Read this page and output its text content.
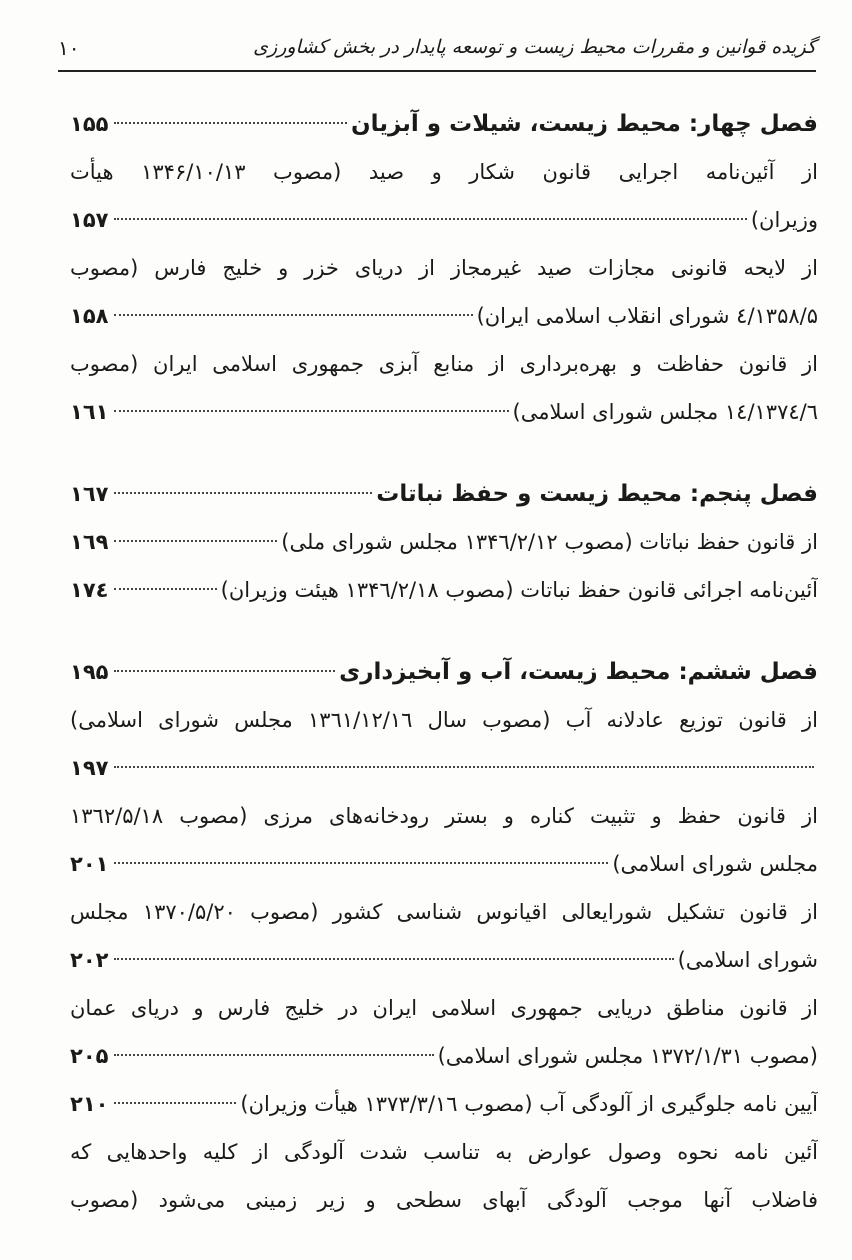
گزیده قوانین و مقررات محیط زیست و توسعه پایدار در بخش کشاورزی
۱۰
فصل چهار: محیط زیست، شیلات و آبزیان
۱۵۵
از آئین‌نامه اجرایی قانون شکار و صید (مصوب ۱۳۴۶/۱۰/۱۳ هیأت
وزیران)
۱۵۷
از لایحه قانونی مجازات صید غیرمجاز از دریای خزر و خلیج فارس (مصوب
۱۳۵۸/۵/٤ شورای انقلاب اسلامی ایران)
۱۵۸
از قانون حفاظت و بهره‌برداری از منابع آبزی جمهوری اسلامی ایران (مصوب
۱۳۷٤/٦/۱٤ مجلس شورای اسلامی)
۱٦۱
فصل پنجم: محیط زیست و حفظ نباتات
۱٦۷
از قانون حفظ نباتات (مصوب ۱۳۴٦/۲/۱۲ مجلس شورای ملی)
۱٦۹
آئین‌نامه اجرائی قانون حفظ نباتات (مصوب ۱۳۴٦/۲/۱۸ هیئت وزیران)
۱۷٤
فصل ششم: محیط زیست، آب و آبخیزداری
۱۹۵
از قانون توزیع عادلانه آب (مصوب سال ۱۳٦۱/۱۲/۱٦ مجلس شورای اسلامی)
۱۹۷
از قانون حفظ و تثبیت کناره و بستر رودخانه‌های مرزی (مصوب ۱۳٦۲/۵/۱۸
مجلس شورای اسلامی)
۲۰۱
از قانون تشکیل شورایعالی اقیانوس شناسی کشور (مصوب ۱۳۷۰/۵/۲۰ مجلس
شورای اسلامی)
۲۰۲
از قانون مناطق دریایی جمهوری اسلامی ایران در خلیج فارس و دریای عمان
(مصوب ۱۳۷۲/۱/۳۱ مجلس شورای اسلامی)
۲۰۵
آیین نامه جلوگیری از آلودگی آب (مصوب ۱۳۷۳/۳/۱٦ هیأت وزیران)
۲۱۰
آئین نامه نحوه وصول عوارض به تناسب شدت آلودگی از کلیه واحدهایی که
فاضلاب آنها موجب آلودگی آبهای سطحی و زیر زمینی می‌شود (مصوب
